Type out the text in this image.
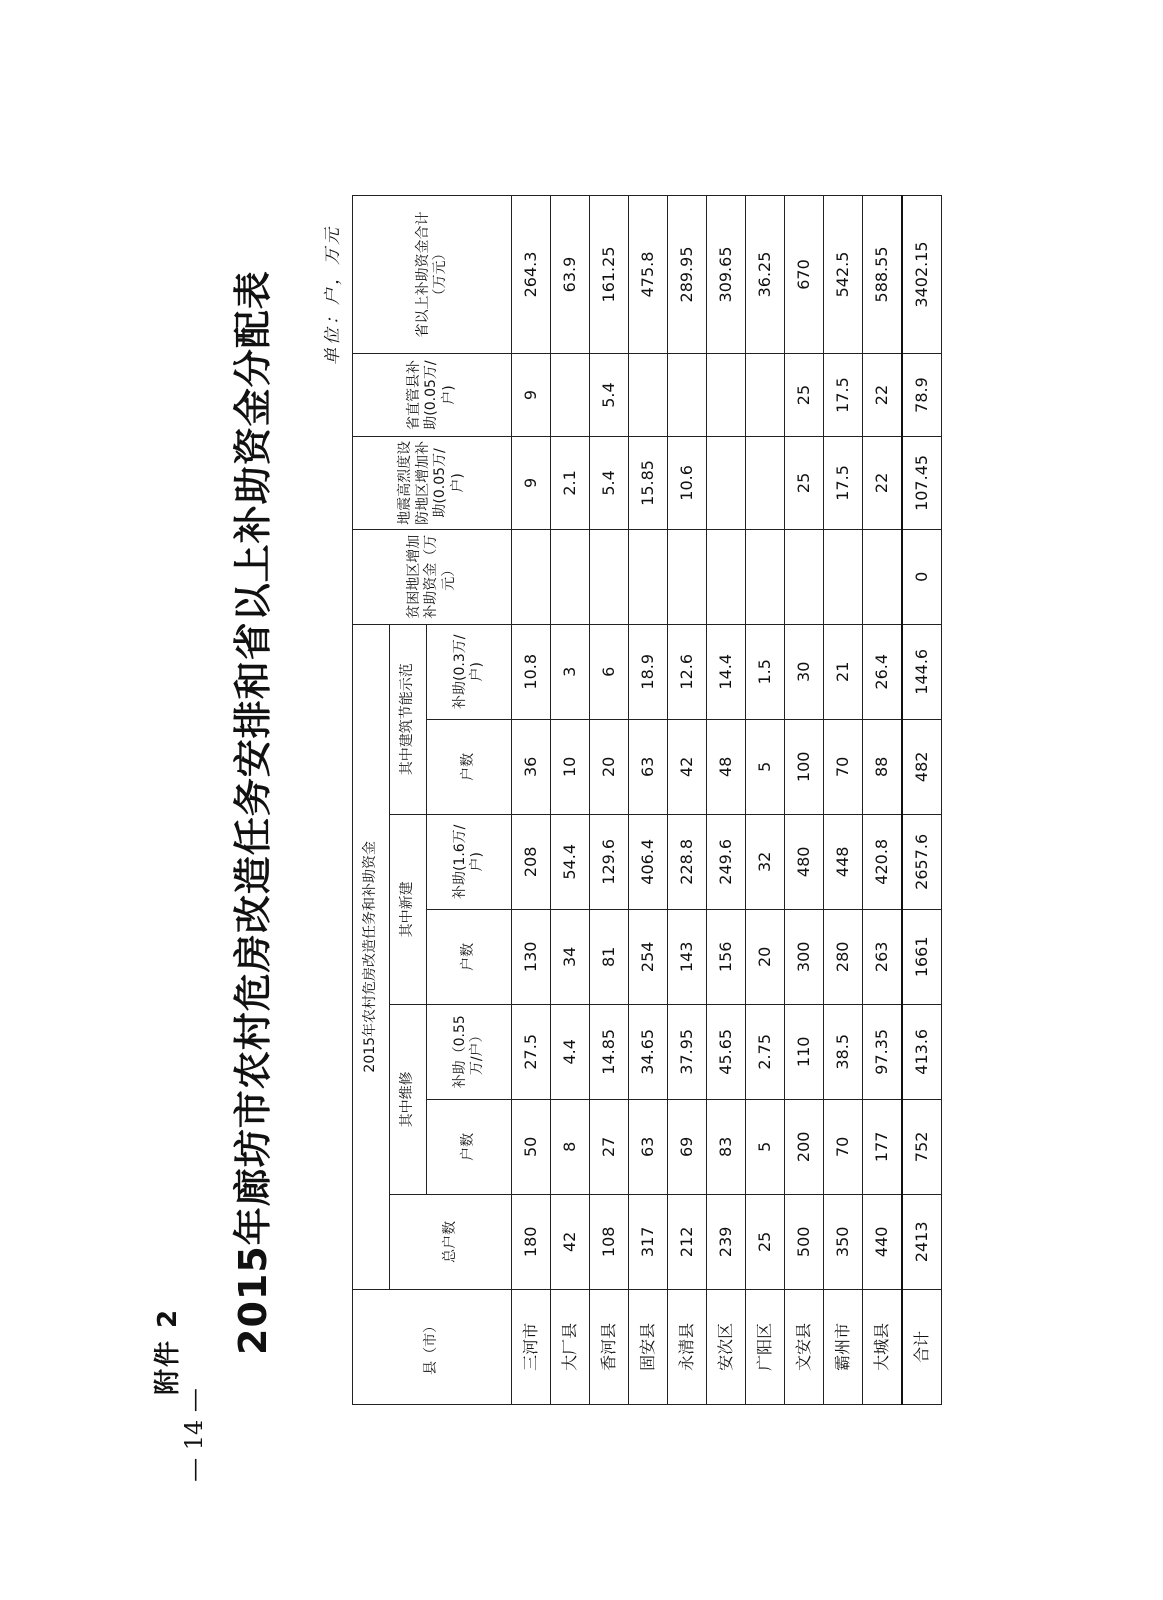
— 14 —
附件 2 2015年廊坊市农村危房改造任务安排和省以上补助资金分配表	单位：户，万元
县（市）	2015年农村危房改造任务和补助资金							贫困地区增加补助资金（万元）	地震高烈度设防地区增加补助(0.05万/户)	省直管县补助(0.05万/户)	省以上补助资金合计（万元）
	总户数	其中维修		其中新建		其中建筑节能示范					
		户数	补助（0.55万/户）	户数	补助(1.6万/户)	户数	补助(0.3万/户)				
三河市	180	50	27.5	130	208	36	10.8		9	9	264.3
大厂县	42	8	4.4	34	54.4	10	3		2.1		63.9
香河县	108	27	14.85	81	129.6	20	6		5.4	5.4	161.25
固安县	317	63	34.65	254	406.4	63	18.9		15.85		475.8
永清县	212	69	37.95	143	228.8	42	12.6		10.6		289.95
安次区	239	83	45.65	156	249.6	48	14.4				309.65
广阳区	25	5	2.75	20	32	5	1.5				36.25
文安县	500	200	110	300	480	100	30		25	25	670
霸州市	350	70	38.5	280	448	70	21		17.5	17.5	542.5
大城县	440	177	97.35	263	420.8	88	26.4		22	22	588.55
合计	2413	752	413.6	1661	2657.6	482	144.6	0	107.45	78.9	3402.15
